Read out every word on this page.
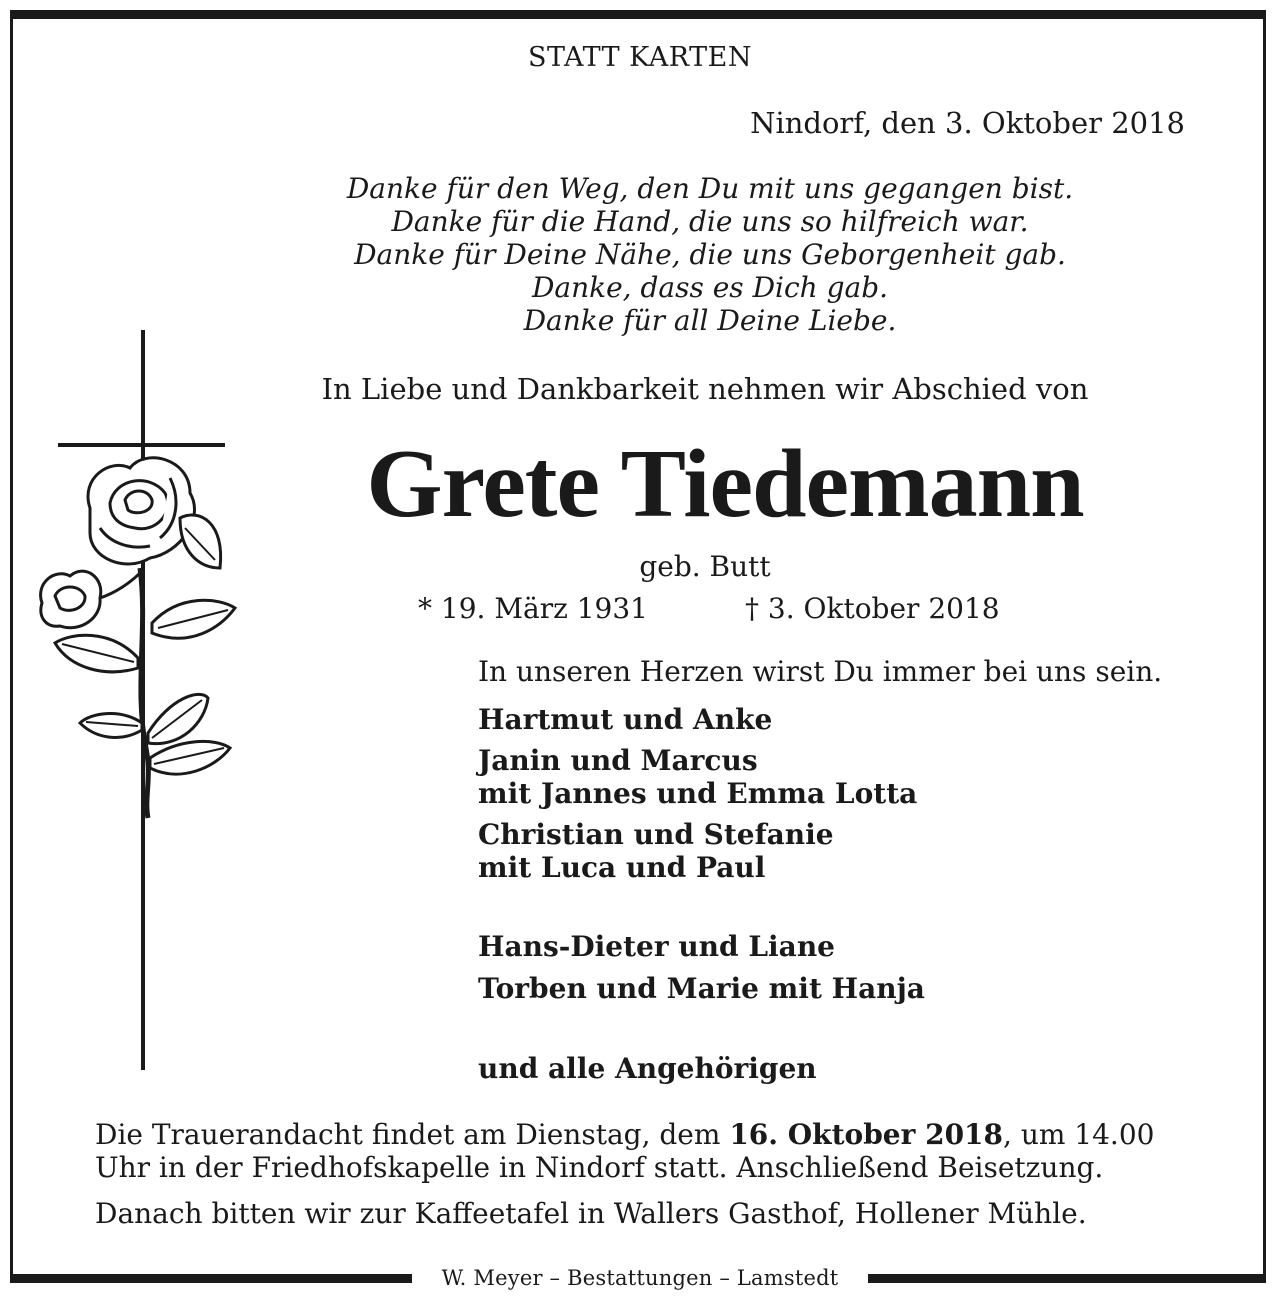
W. Meyer – Bestattungen – Lamstedt
STATT KARTEN
Nindorf, den 3. Oktober 2018
Danke für den Weg, den Du mit uns gegangen bist.
Danke für die Hand, die uns so hilfreich war.
Danke für Deine Nähe, die uns Geborgenheit gab.
Danke, dass es Dich gab.
Danke für all Deine Liebe.
In Liebe und Dankbarkeit nehmen wir Abschied von
Grete Tiedemann
geb. Butt
* 19. März 1931	† 3. Oktober 2018
In unseren Herzen wirst Du immer bei uns sein.
Hartmut und Anke
Janin und Marcus
mit Jannes und Emma Lotta
Christian und Stefanie
mit Luca und Paul
Hans-Dieter und Liane
Torben und Marie mit Hanja
und alle Angehörigen
Die Trauerandacht findet am Dienstag, dem 16. Oktober 2018, um 14.00 Uhr in der Friedhofskapelle in Nindorf statt. Anschließend Beisetzung.
Danach bitten wir zur Kaffeetafel in Wallers Gasthof, Hollener Mühle.
